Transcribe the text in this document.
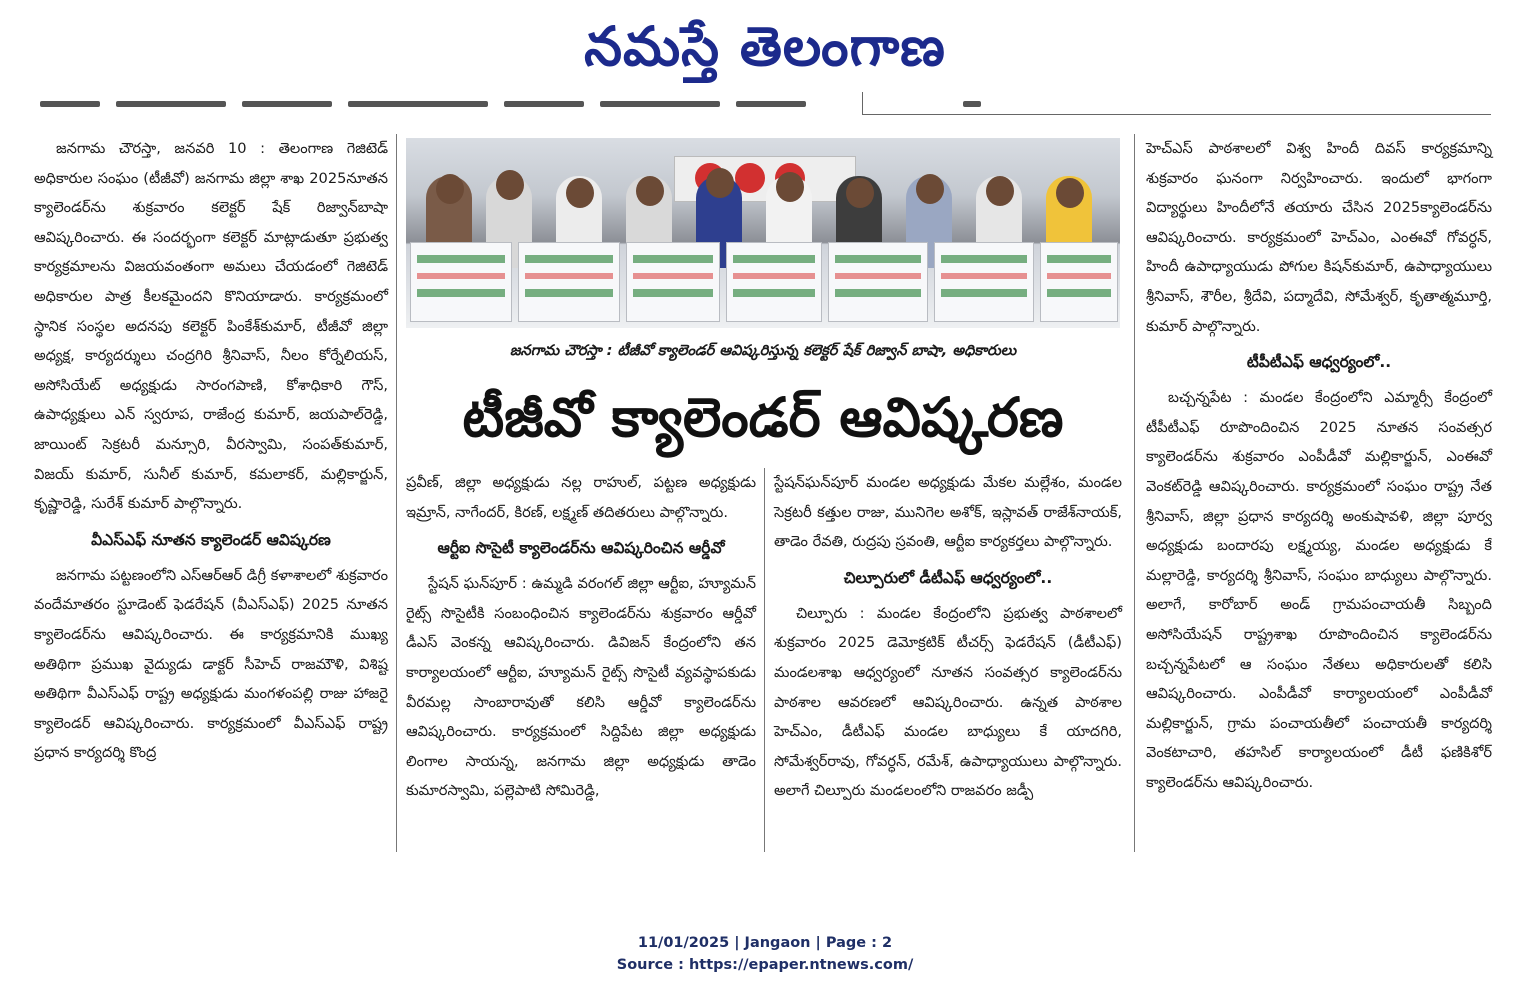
నమస్తే తెలంగాణ

జనగామ చౌరస్తా, జనవరి 10 : తెలంగాణ గెజిటెడ్ అధికారుల సంఘం (టీజీవో) జనగామ జిల్లా శాఖ 2025నూతన క్యాలెండర్‌ను శుక్రవారం కలెక్టర్ షేక్ రిజ్వాన్‌బాషా ఆవిష్కరించారు. ఈ సందర్భంగా కలెక్టర్ మాట్లాడుతూ ప్రభుత్వ కార్యక్రమాలను విజయవంతంగా అమలు చేయడంలో గెజిటెడ్ అధికారుల పాత్ర కీలకమైందని కొనియాడారు. కార్యక్రమంలో స్థానిక సంస్థల అదనపు కలెక్టర్ పింకేశ్‌కుమార్, టీజీవో జిల్లా అధ్యక్ష, కార్యదర్శులు చంద్రగిరి శ్రీనివాస్, నీలం కోర్నేలియస్, అసోసియేట్ అధ్యక్షుడు సారంగపాణి, కోశాధికారి గౌస్, ఉపాధ్యక్షులు ఎన్ స్వరూప, రాజేంద్ర కుమార్, జయపాల్‌రెడ్డి, జాయింట్ సెక్రటరీ మన్సూరి, వీరస్వామి, సంపత్‌కుమార్, విజయ్ కుమార్, సునీల్ కుమార్, కమలాకర్, మల్లికార్జున్, కృష్ణారెడ్డి, సురేశ్ కుమార్ పాల్గొన్నారు.

వీఎస్ఎఫ్ నూతన క్యాలెండర్ ఆవిష్కరణ

జనగామ పట్టణంలోని ఎస్ఆర్ఆర్ డిగ్రీ కళాశాలలో శుక్రవారం వందేమాతరం స్టూడెంట్ ఫెడరేషన్ (వీఎస్ఎఫ్) 2025 నూతన క్యాలెండర్‌ను ఆవిష్కరించారు. ఈ కార్యక్రమానికి ముఖ్య అతిథిగా ప్రముఖ వైద్యుడు డాక్టర్ సీహెచ్ రాజమౌళి, విశిష్ట అతిథిగా వీఎస్ఎఫ్ రాష్ట్ర అధ్యక్షుడు మంగళంపల్లి రాజు హాజరై క్యాలెండర్ ఆవిష్కరించారు. కార్యక్రమంలో వీఎస్ఎఫ్ రాష్ట్ర ప్రధాన కార్యదర్శి కొంద్ర

జనగామ చౌరస్తా : టీజీవో క్యాలెండర్ ఆవిష్కరిస్తున్న కలెక్టర్ షేక్ రిజ్వాన్ బాషా, అధికారులు
టీజీవో క్యాలెండర్ ఆవిష్కరణ

ప్రవీణ్, జిల్లా అధ్యక్షుడు నల్ల రాహుల్, పట్టణ అధ్యక్షుడు ఇమ్రాన్, నాగేందర్, కిరణ్, లక్ష్మణ్ తదితరులు పాల్గొన్నారు.

ఆర్టీఐ సొసైటీ క్యాలెండర్‌ను ఆవిష్కరించిన ఆర్డీవో

స్టేషన్ ఘన్‌పూర్ : ఉమ్మడి వరంగల్ జిల్లా ఆర్టీఐ, హ్యూమన్ రైట్స్ సొసైటీకి సంబంధించిన క్యాలెండర్‌ను శుక్రవారం ఆర్డీవో డీఎస్ వెంకన్న ఆవిష్కరించారు. డివిజన్ కేంద్రంలోని తన కార్యాలయంలో ఆర్టీఐ, హ్యూమన్ రైట్స్ సొసైటీ వ్యవస్థాపకుడు వీరమల్ల సాంబారావుతో కలిసి ఆర్డీవో క్యాలెండర్‌ను ఆవిష్కరించారు. కార్యక్రమంలో సిద్దిపేట జిల్లా అధ్యక్షుడు లింగాల సాయన్న, జనగామ జిల్లా అధ్యక్షుడు తాడెం కుమారస్వామి, పల్లెపాటి సోమిరెడ్డి,

స్టేషన్‌ఘన్‌పూర్ మండల అధ్యక్షుడు మేకల మల్లేశం, మండల సెక్రటరీ కత్తుల రాజు, మునిగెల అశోక్, ఇస్లావత్ రాజేశ్‌నాయక్, తాడెం రేవతి, రుద్రపు స్రవంతి, ఆర్టీఐ కార్యకర్తలు పాల్గొన్నారు.

చిల్పూరులో డీటీఎఫ్ ఆధ్వర్యంలో..

చిల్పూరు : మండల కేంద్రంలోని ప్రభుత్వ పాఠశాలలో శుక్రవారం 2025 డెమోక్రటిక్ టీచర్స్ ఫెడరేషన్ (డీటీఎఫ్) మండలశాఖ ఆధ్వర్యంలో నూతన సంవత్సర క్యాలెండర్‌ను పాఠశాల ఆవరణలో ఆవిష్కరించారు. ఉన్నత పాఠశాల హెచ్ఎం, డీటీఎఫ్ మండల బాధ్యులు కే యాదగిరి, సోమేశ్వర్‌రావు, గోవర్ధన్, రమేశ్, ఉపాధ్యాయులు పాల్గొన్నారు. అలాగే చిల్పూరు మండలంలోని రాజవరం జడ్పీ

హెచ్ఎస్ పాఠశాలలో విశ్వ హిందీ దివస్ కార్యక్రమాన్ని శుక్రవారం ఘనంగా నిర్వహించారు. ఇందులో భాగంగా విద్యార్థులు హిందీలోనే తయారు చేసిన 2025క్యాలెండర్‌ను ఆవిష్కరించారు. కార్యక్రమంలో హెచ్ఎం, ఎంఈవో గోవర్ధన్, హిందీ ఉపాధ్యాయుడు పోగుల కిషన్‌కుమార్, ఉపాధ్యాయులు శ్రీనివాస్, శౌరీల, శ్రీదేవి, పద్మాదేవి, సోమేశ్వర్, కృతాత్మమూర్తి, కుమార్ పాల్గొన్నారు.

టీపీటీఎఫ్ ఆధ్వర్యంలో..

బచ్చన్నపేట : మండల కేంద్రంలోని ఎమ్మార్సీ కేంద్రంలో టీపీటీఎఫ్ రూపొందించిన 2025 నూతన సంవత్సర క్యాలెండర్‌ను శుక్రవారం ఎంపీడీవో మల్లికార్జున్, ఎంఈవో వెంకట్‌రెడ్డి ఆవిష్కరించారు. కార్యక్రమంలో సంఘం రాష్ట్ర నేత శ్రీనివాస్, జిల్లా ప్రధాన కార్యదర్శి అంకుషావళి, జిల్లా పూర్వ అధ్యక్షుడు బందారపు లక్ష్మయ్య, మండల అధ్యక్షుడు కే మల్లారెడ్డి, కార్యదర్శి శ్రీనివాస్, సంఘం బాధ్యులు పాల్గొన్నారు. అలాగే, కారోబార్ అండ్ గ్రామపంచాయతీ సిబ్బంది అసోసియేషన్ రాష్ట్రశాఖ రూపొందించిన క్యాలెండర్‌ను బచ్చన్నపేటలో ఆ సంఘం నేతలు అధికారులతో కలిసి ఆవిష్కరించారు. ఎంపీడీవో కార్యాలయంలో ఎంపీడీవో మల్లికార్జున్, గ్రామ పంచాయతీలో పంచాయతీ కార్యదర్శి వెంకటాచారి, తహసిల్ కార్యాలయంలో డీటీ ఫణికిశోర్ క్యాలెండర్‌ను ఆవిష్కరించారు.

11/01/2025 | Jangaon | Page : 2
Source : https://epaper.ntnews.com/
